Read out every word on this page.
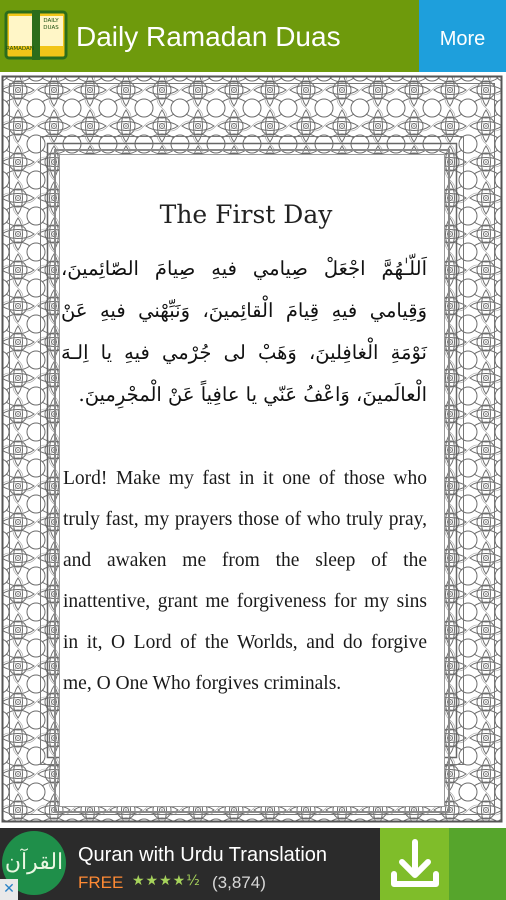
RAMADAN
DAILY
DUAS Daily Ramadan Duas	More
The First Day
اَللّـٰهُمَّ اجْعَلْ صِيامي فيهِ صِيامَ الصّائِمينَ، وَقِيامي فيهِ قِيامَ الْقائِمينَ، وَنَبِّهْني فيهِ عَنْ نَوْمَةِ الْغافِلينَ، وَهَبْ لى جُرْمي فيهِ يا اِلـهَ الْعالَمينَ، وَاعْفُ عَنّي يا عافِياً عَنْ الْمجْرِمينَ.
Lord! Make my fast in it one of those who truly fast, my prayers those of who truly pray, and awaken me from the sleep of the inattentive, grant me forgiveness for my sins in it, O Lord of the Worlds, and do forgive me, O One Who forgives criminals.
القرآن Quran with Urdu Translation
FREE ★★★★½ (3,874)
✕
